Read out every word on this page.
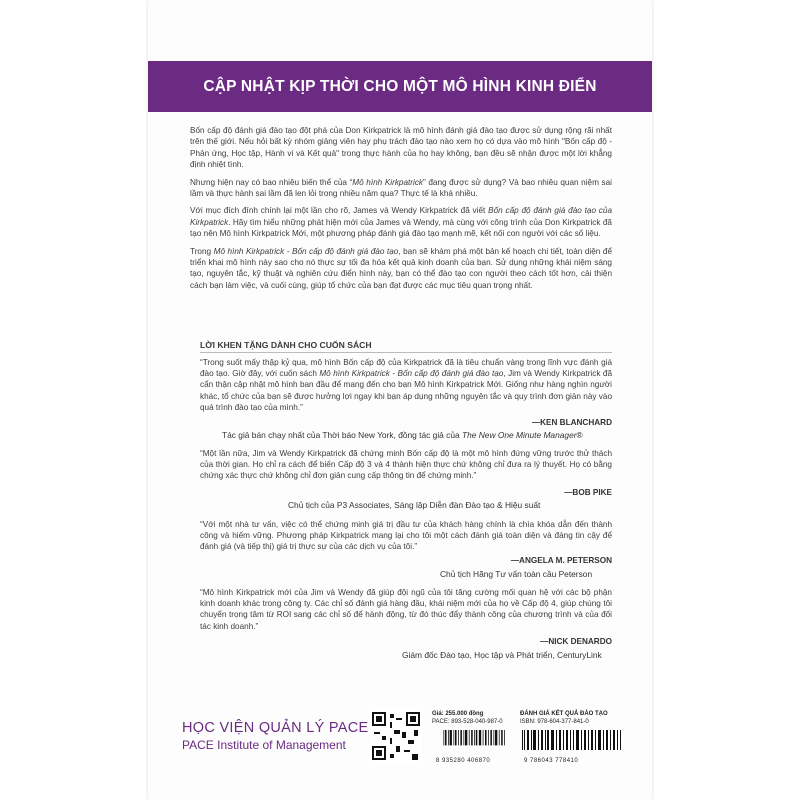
CẬP NHẬT KỊP THỜI CHO MỘT MÔ HÌNH KINH ĐIỂN

Bốn cấp độ đánh giá đào tạo đột phá của Don Kirkpatrick là mô hình đánh giá đào tạo được sử dụng rộng rãi nhất trên thế giới. Nếu hỏi bất kỳ nhóm giảng viên hay phụ trách đào tạo nào xem họ có dựa vào mô hình "Bốn cấp độ - Phản ứng, Học tập, Hành vi và Kết quả" trong thực hành của họ hay không, bạn đều sẽ nhận được một lời khẳng định nhiệt tình.

Nhưng hiện nay có bao nhiêu biến thể của “Mô hình Kirkpatrick” đang được sử dụng? Và bao nhiêu quan niệm sai lầm và thực hành sai lầm đã len lỏi trong nhiều năm qua? Thực tế là khá nhiều.

Với mục đích đính chính lại một lần cho rõ, James và Wendy Kirkpatrick đã viết Bốn cấp độ đánh giá đào tạo của Kirkpatrick. Hãy tìm hiểu những phát hiện mới của James và Wendy, mà cùng với công trình của Don Kirkpatrick đã tạo nên Mô hình Kirkpatrick Mới, một phương pháp đánh giá đào tạo mạnh mẽ, kết nối con người với các số liệu.

Trong Mô hình Kirkpatrick - Bốn cấp độ đánh giá đào tạo, bạn sẽ khám phá một bản kế hoạch chi tiết, toàn diện để triển khai mô hình này sao cho nó thực sự tối đa hóa kết quả kinh doanh của bạn. Sử dụng những khái niệm sáng tạo, nguyên tắc, kỹ thuật và nghiên cứu điển hình này, bạn có thể đào tạo con người theo cách tốt hơn, cải thiện cách bạn làm việc, và cuối cùng, giúp tổ chức của bạn đạt được các mục tiêu quan trọng nhất.

LỜI KHEN TẶNG DÀNH CHO CUỐN SÁCH
“Trong suốt mấy thập kỷ qua, mô hình Bốn cấp độ của Kirkpatrick đã là tiêu chuẩn vàng trong lĩnh vực đánh giá đào tạo. Giờ đây, với cuốn sách Mô hình Kirkpatrick - Bốn cấp độ đánh giá đào tạo, Jim và Wendy Kirkpatrick đã cẩn thận cập nhật mô hình ban đầu để mang đến cho bạn Mô hình Kirkpatrick Mới. Giống như hàng nghìn người khác, tổ chức của bạn sẽ được hưởng lợi ngay khi bạn áp dụng những nguyên tắc và quy trình đơn giản này vào quá trình đào tạo của mình.”
—KEN BLANCHARD
Tác giả bán chạy nhất của Thời báo New York, đồng tác giả của The New One Minute Manager®
“Một lần nữa, Jim và Wendy Kirkpatrick đã chứng minh Bốn cấp độ là một mô hình đứng vững trước thử thách của thời gian. Họ chỉ ra cách để biến Cấp độ 3 và 4 thành hiện thực chứ không chỉ đưa ra lý thuyết. Họ có bằng chứng xác thực chứ không chỉ đơn giản cung cấp thông tin để chứng minh.”
—BOB PIKE
Chủ tịch của P3 Associates, Sáng lập Diễn đàn Đào tạo & Hiệu suất
“Với một nhà tư vấn, việc có thể chứng minh giá trị đầu tư của khách hàng chính là chìa khóa dẫn đến thành công và hiếm vững. Phương pháp Kirkpatrick mang lại cho tôi một cách đánh giá toàn diện và đáng tin cậy để đánh giá (và tiếp thị) giá trị thực sự của các dịch vụ của tôi.”
—ANGELA M. PETERSON
Chủ tịch Hãng Tư vấn toàn cầu Peterson
“Mô hình Kirkpatrick mới của Jim và Wendy đã giúp đội ngũ của tôi tăng cường mối quan hệ với các bộ phận kinh doanh khác trong công ty. Các chỉ số đánh giá hàng đầu, khái niệm mới của họ về Cấp độ 4, giúp chúng tôi chuyển trọng tâm từ ROI sang các chỉ số để hành động, từ đó thúc đẩy thành công của chương trình và của đối tác kinh doanh.”
—NICK DENARDO
Giám đốc Đào tạo, Học tập và Phát triển, CenturyLink
HỌC VIỆN QUẢN LÝ PACE
PACE Institute of Management
Giá: 255.000 đồng
PACE: 893-528-040-987-0
8 935280 406870
ĐÁNH GIÁ KẾT QUẢ ĐÀO TẠO
ISBN: 978-604-377-841-0
9 786043 778410
